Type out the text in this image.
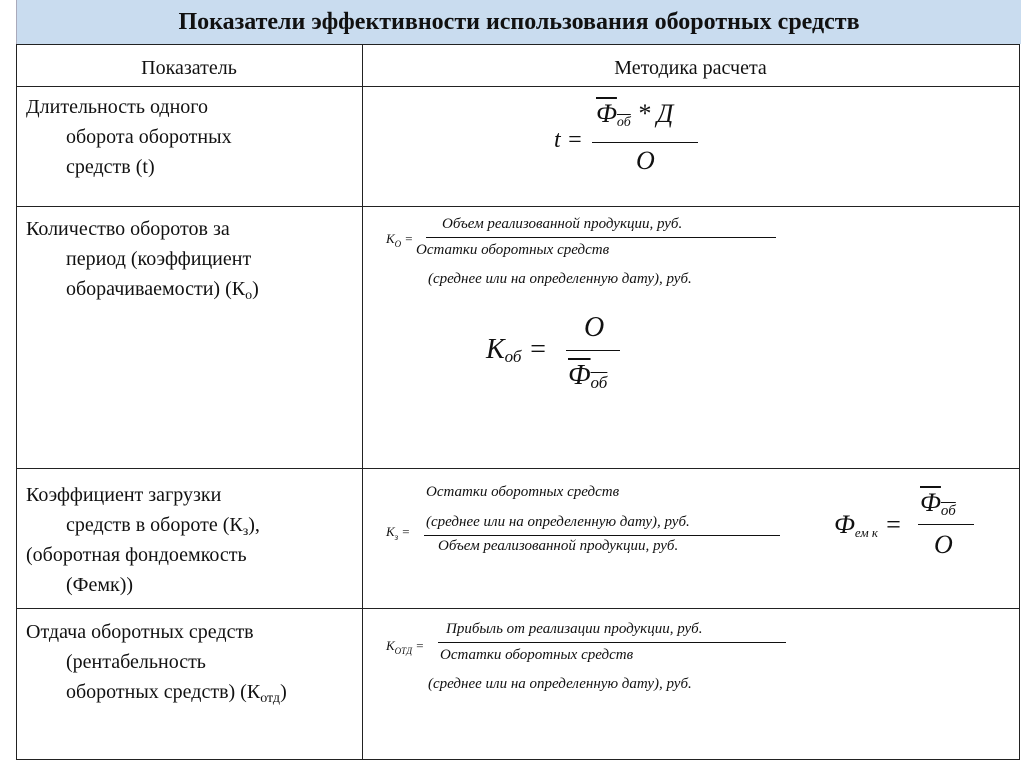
Показатели эффективности использования оборотных средств
Показатель	Методика расчета
Длительность одного
оборота оборотных
средств (t)
Количество оборотов за
период (коэффициент
оборачиваемости) $(К_о)$
Коэффициент загрузки
средств в обороте $(К_з)$,
(оборотная фондоемкость
(Фемк))
Отдача оборотных средств
(рентабельность
оборотных средств) $(К_{отд})$
t =
$Ф_{об}$ * Д
О
$К_О$ =
Объем реализованной продукции, руб.
Остатки оборотных средств
(среднее или на определенную дату), руб.
$К_{об}$ =
О
$Ф_{об}$
$К_з$ =
Остатки оборотных средств
(среднее или на определенную дату), руб.
Объем реализованной продукции, руб.
$Ф_{ем к}$ =
$Ф_{об}$
О
$К_{ОТД}$ =
Прибыль от реализации продукции, руб.
Остатки оборотных средств
(среднее или на определенную дату), руб.
